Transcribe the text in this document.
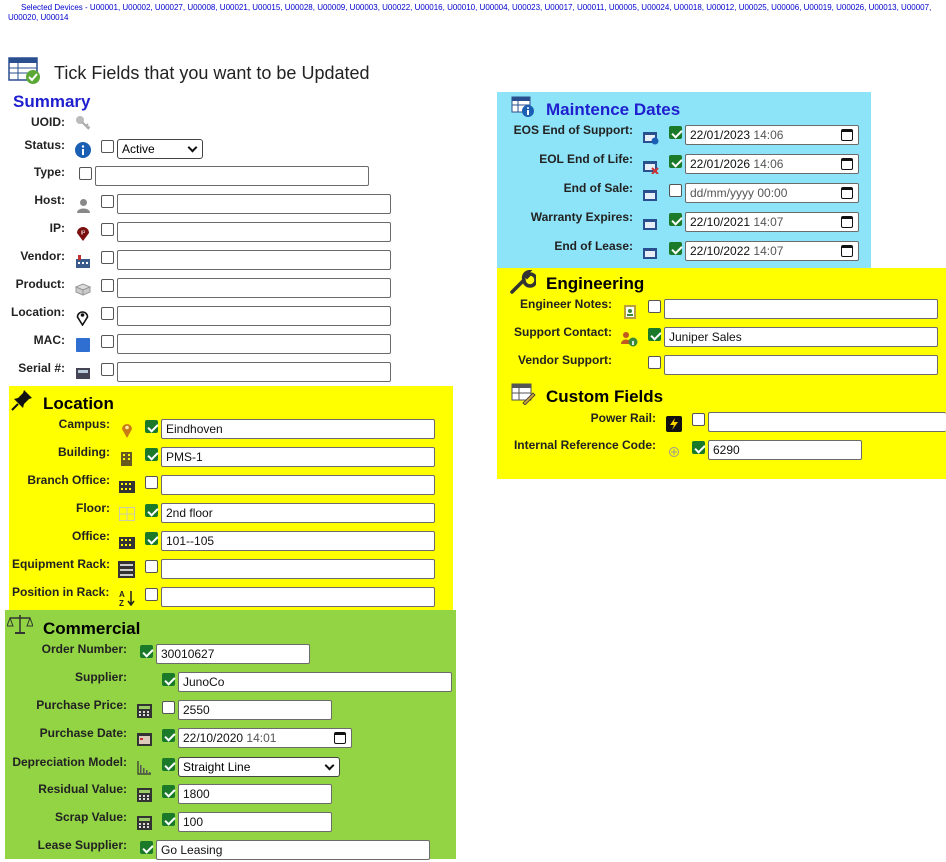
Selected Devices - U00001, U00002, U00027, U00008, U00021, U00015, U00028, U00009, U00003, U00022, U00016, U00010, U00004, U00023, U00017, U00011, U00005, U00024, U00018, U00012, U00025, U00006, U00019, U00026, U00013, U00007, U00020, U00014
Tick Fields that you want to be Updated
Summary
UOID:
Status:	Active
Type:
Host:
IP:	IP
Vendor:
Product:
Location:
MAC:
Serial #:
Location
Campus:	Eindhoven
Building:	PMS-1
Branch Office:
Floor:	2nd floor
Office:	101--105
Equipment Rack:
Position in Rack: A
Z
Commercial
Order Number:	30010627
Supplier:	JunoCo
Purchase Price:	2550
Purchase Date:	22/10/2020 14:01
Depreciation Model:	Straight Line
Residual Value:	1800
Scrap Value:	100
Lease Supplier:	Go Leasing
Maintence Dates
EOS End of Support:	22/01/2023 14:06
EOL End of Life:	22/01/2026 14:06
End of Sale:	dd/mm/yyyy 00:00
Warranty Expires:	22/10/2021 14:07
End of Lease:	22/10/2022 14:07
Engineering
Engineer Notes:
Support Contact:	Juniper Sales
Vendor Support:
Custom Fields
Power Rail:
Internal Reference Code:	6290
